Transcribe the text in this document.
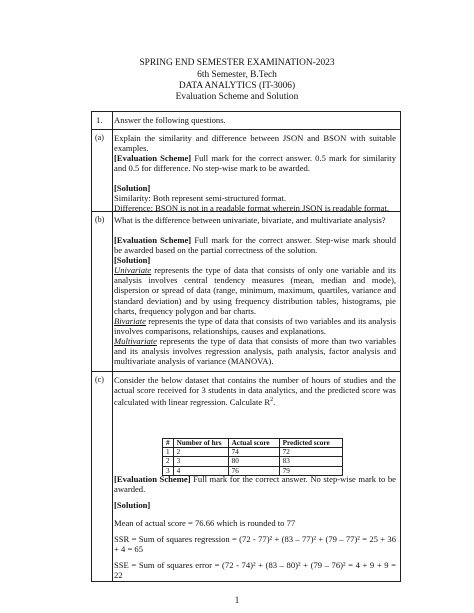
SPRING END SEMESTER EXAMINATION-2023
6th Semester, B.Tech
DATA ANALYTICS (IT-3006)
Evaluation Scheme and Solution
1. Answer the following questions.

(a) Explain the similarity and difference between JSON and BSON with suitable examples.

[Evaluation Scheme] Full mark for the correct answer. 0.5 mark for similarity and 0.5 for difference. No step-wise mark to be awarded.

[Solution]

Similarity: Both represent semi-structured format.

Difference: BSON is not in a readable format wherein JSON is readable format.

(b) What is the difference between univariate, bivariate, and multivariate analysis?

[Evaluation Scheme] Full mark for the correct answer. Step-wise mark should be awarded based on the partial correctness of the solution.

[Solution]

Univariate represents the type of data that consists of only one variable and its analysis involves central tendency measures (mean, median and mode), dispersion or spread of data (range, minimum, maximum, quartiles, variance and standard deviation) and by using frequency distribution tables, histograms, pie charts, frequency polygon and bar charts.

Bivariate represents the type of data that consists of two variables and its analysis involves comparisons, relationships, causes and explanations.

Multivariate represents the type of data that consists of more than two variables and its analysis involves regression analysis, path analysis, factor analysis and multivariate analysis of variance (MANOVA).

(c) Consider the below dataset that contains the number of hours of studies and the actual score received for 3 students in data analytics, and the predicted score was calculated with linear regression. Calculate $R^2$.

#	Number of hrs	Actual score	Predicted score
1	2	74	72
2	3	80	83
3	4	76	79

[Evaluation Scheme] Full mark for the correct answer. No step-wise mark to be awarded.

[Solution]

Mean of actual score = 76.66 which is rounded to 77

SSR = Sum of squares regression = (72 - 77)² + (83 – 77)² + (79 – 77)² = 25 + 36 + 4 = 65

SSE = Sum of squares error = (72 - 74)² + (83 – 80)² + (79 – 76)² = 4 + 9 + 9 = 22

1
